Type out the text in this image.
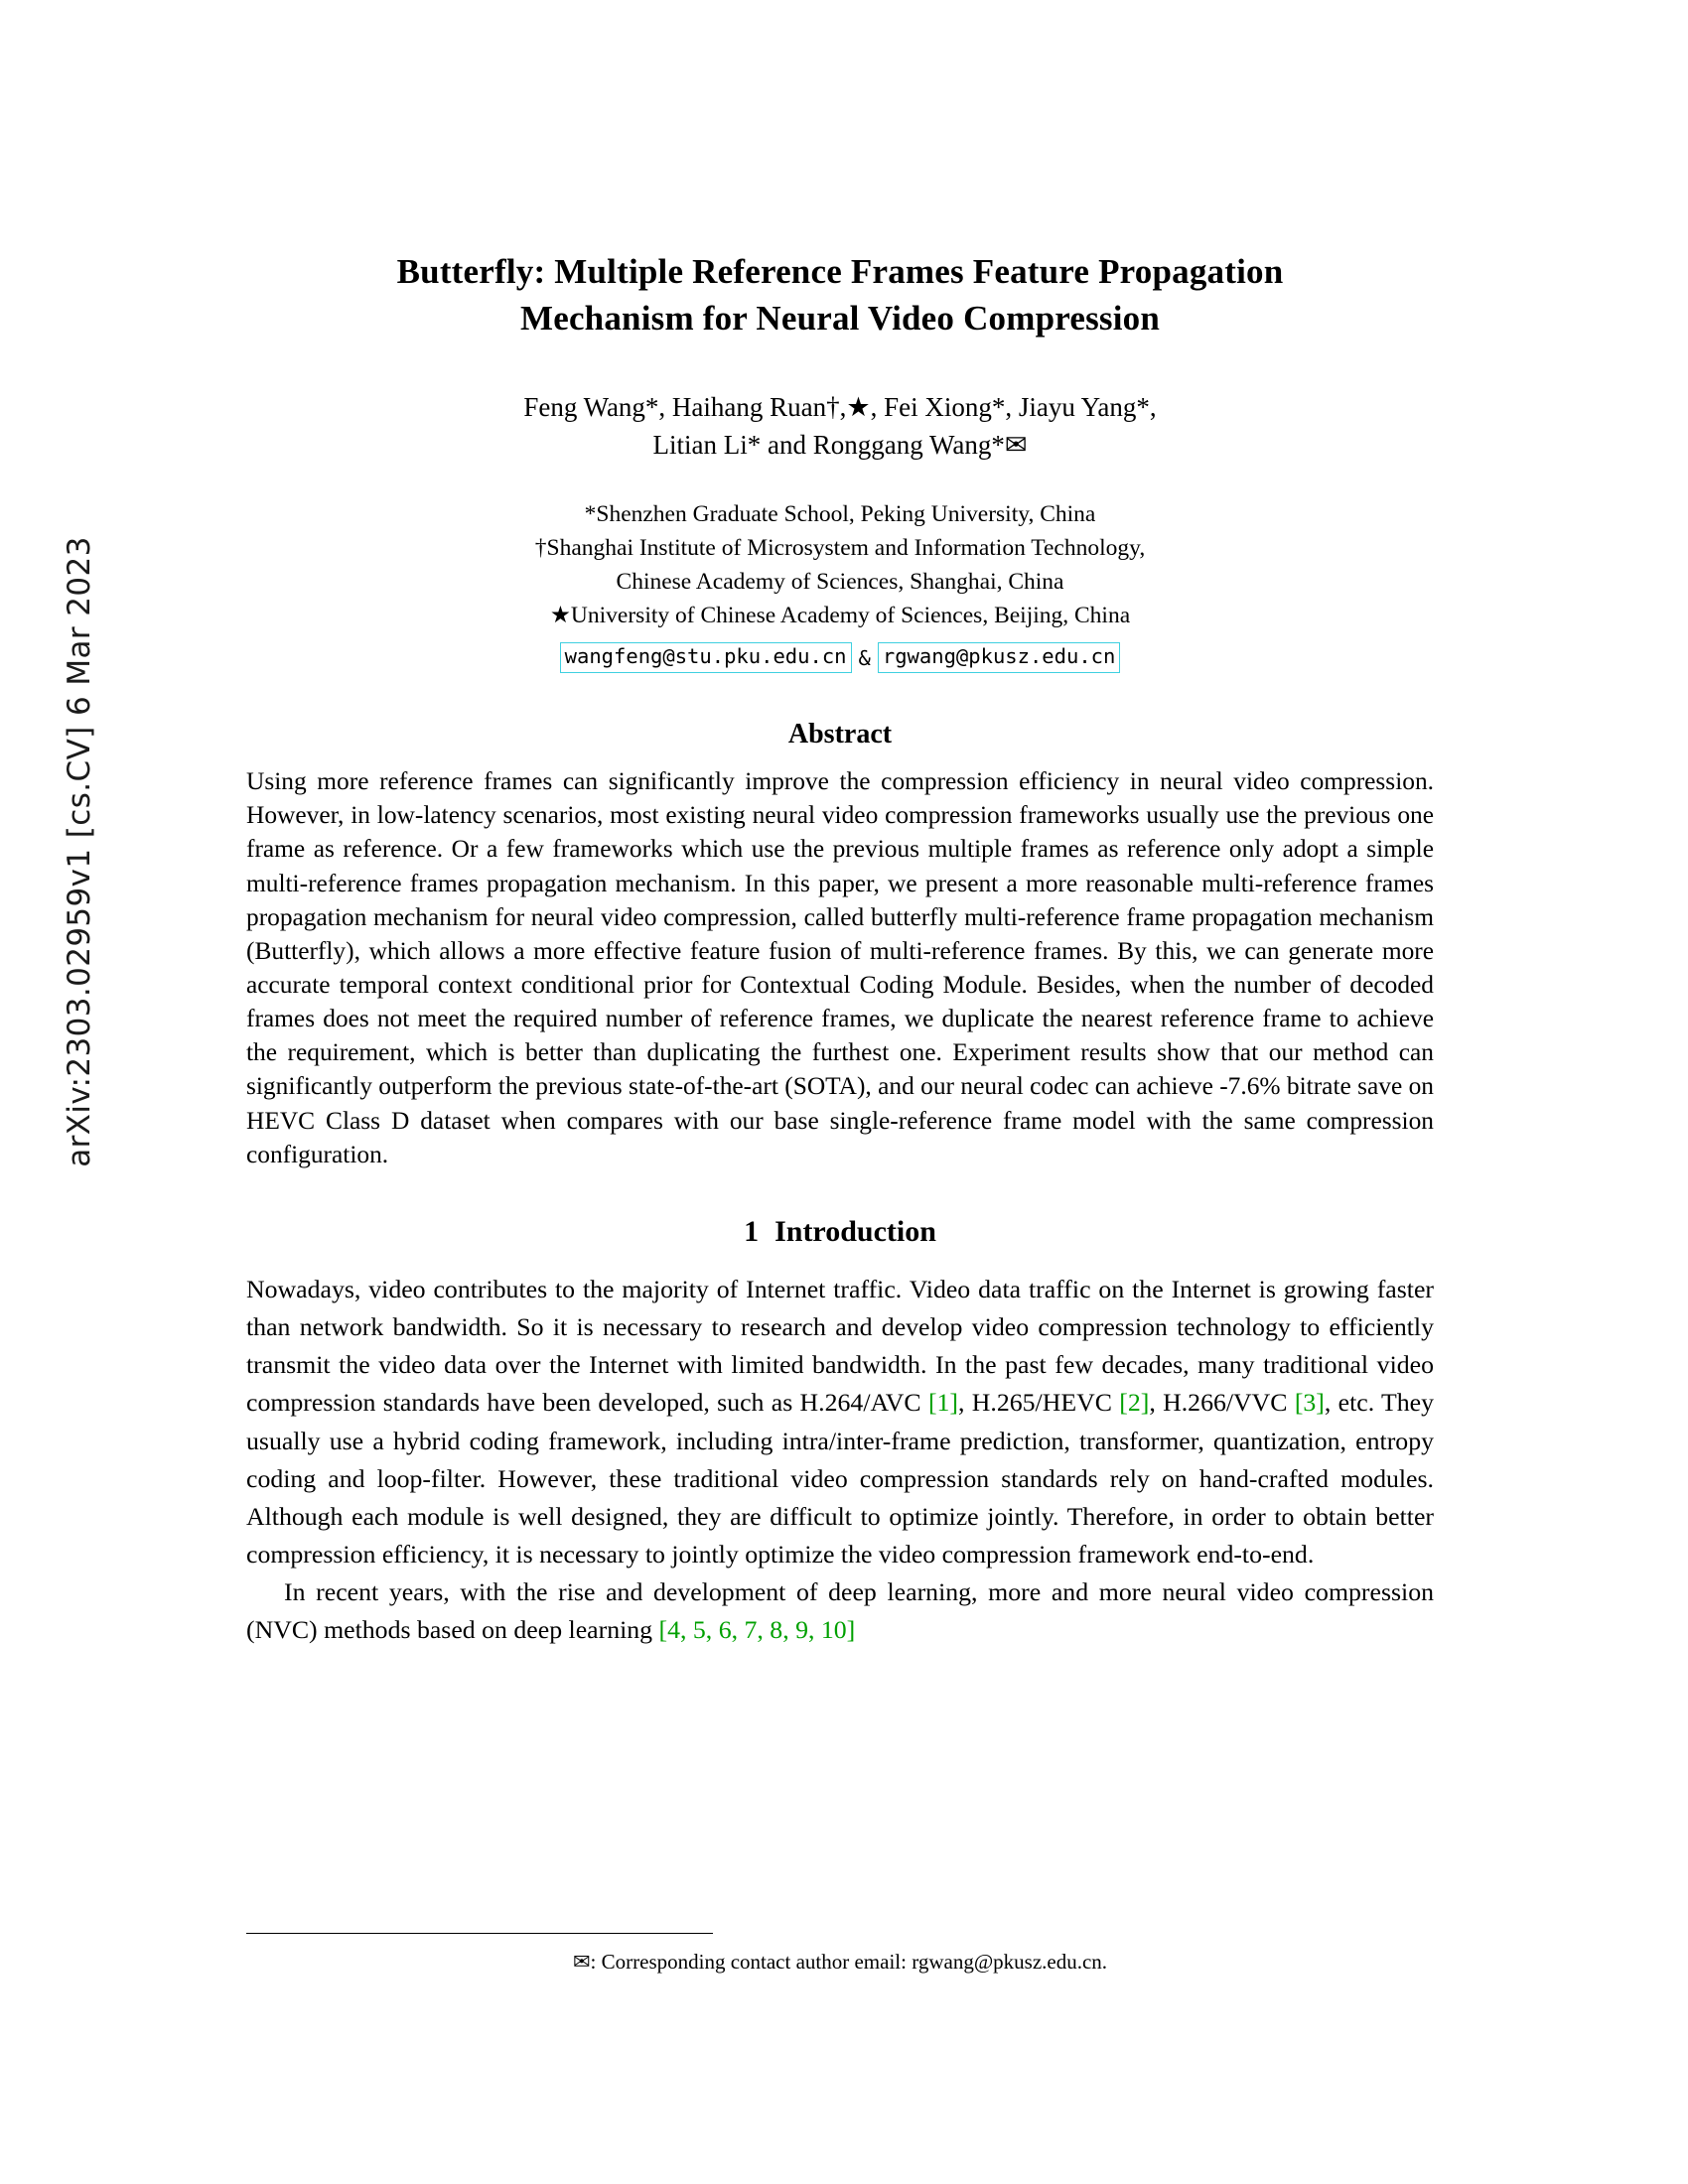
arXiv:2303.02959v1 [cs.CV] 6 Mar 2023
Butterfly: Multiple Reference Frames Feature Propagation
Mechanism for Neural Video Compression
Feng Wang*, Haihang Ruan†,★, Fei Xiong*, Jiayu Yang*,
Litian Li* and Ronggang Wang*✉
*Shenzhen Graduate School, Peking University, China
†Shanghai Institute of Microsystem and Information Technology,
Chinese Academy of Sciences, Shanghai, China
★University of Chinese Academy of Sciences, Beijing, China
wangfeng@stu.pku.edu.cn & rgwang@pkusz.edu.cn
Abstract
Using more reference frames can significantly improve the compression efficiency in neural video compression. However, in low-latency scenarios, most existing neural video compression frameworks usually use the previous one frame as reference. Or a few frameworks which use the previous multiple frames as reference only adopt a simple multi-reference frames propagation mechanism. In this paper, we present a more reasonable multi-reference frames propagation mechanism for neural video compression, called butterfly multi-reference frame propagation mechanism (Butterfly), which allows a more effective feature fusion of multi-reference frames. By this, we can generate more accurate temporal context conditional prior for Contextual Coding Module. Besides, when the number of decoded frames does not meet the required number of reference frames, we duplicate the nearest reference frame to achieve the requirement, which is better than duplicating the furthest one. Experiment results show that our method can significantly outperform the previous state-of-the-art (SOTA), and our neural codec can achieve -7.6% bitrate save on HEVC Class D dataset when compares with our base single-reference frame model with the same compression configuration.
1 Introduction

Nowadays, video contributes to the majority of Internet traffic. Video data traffic on the Internet is growing faster than network bandwidth. So it is necessary to research and develop video compression technology to efficiently transmit the video data over the Internet with limited bandwidth. In the past few decades, many traditional video compression standards have been developed, such as H.264/AVC [1], H.265/HEVC [2], H.266/VVC [3], etc. They usually use a hybrid coding framework, including intra/inter-frame prediction, transformer, quantization, entropy coding and loop-filter. However, these traditional video compression standards rely on hand-crafted modules. Although each module is well designed, they are difficult to optimize jointly. Therefore, in order to obtain better compression efficiency, it is necessary to jointly optimize the video compression framework end-to-end.

In recent years, with the rise and development of deep learning, more and more neural video compression (NVC) methods based on deep learning [4, 5, 6, 7, 8, 9, 10]

✉: Corresponding contact author email: rgwang@pkusz.edu.cn.
